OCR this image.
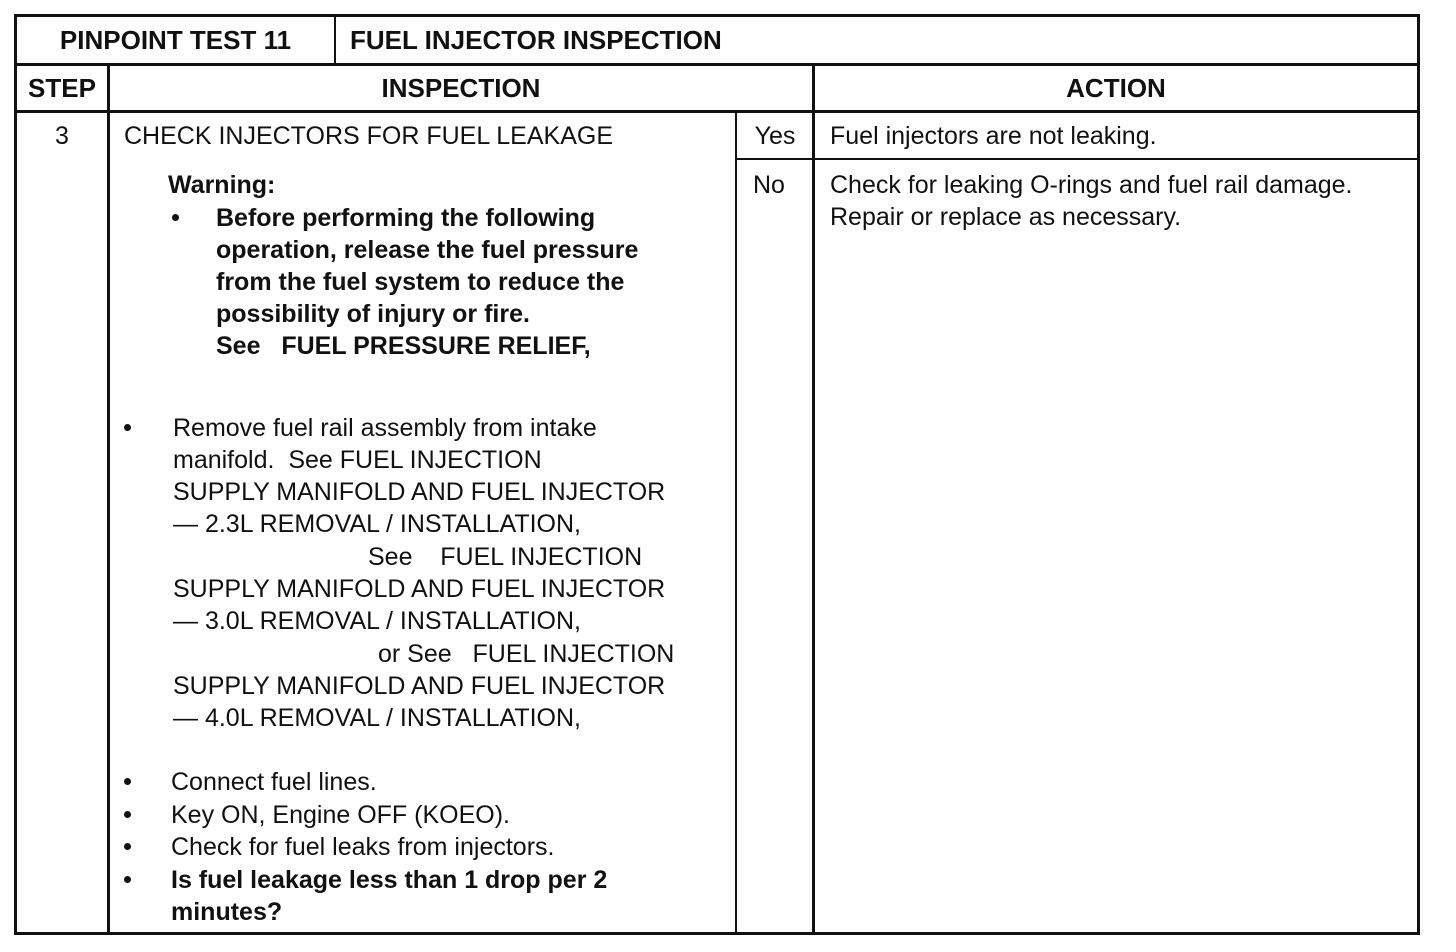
PINPOINT TEST 11	FUEL INJECTOR INSPECTION
STEP	INSPECTION	ACTION
3	CHECK INJECTORS FOR FUEL LEAKAGE
Warning:
Before performing the following
operation, release the fuel pressure
from the fuel system to reduce the
possibility of injury or fire.
See   FUEL PRESSURE RELIEF,
Remove fuel rail assembly from intake
manifold.  See FUEL INJECTION
SUPPLY MANIFOLD AND FUEL INJECTOR
— 2.3L REMOVAL / INSTALLATION,
See    FUEL INJECTION
SUPPLY MANIFOLD AND FUEL INJECTOR
— 3.0L REMOVAL / INSTALLATION,
or See   FUEL INJECTION
SUPPLY MANIFOLD AND FUEL INJECTOR
— 4.0L REMOVAL / INSTALLATION,
Connect fuel lines.
Key ON, Engine OFF (KOEO).
Check for fuel leaks from injectors.
Is fuel leakage less than 1 drop per 2
minutes?
Yes	Fuel injectors are not leaking.
No Check for leaking O-rings and fuel rail damage.
Repair or replace as necessary.
